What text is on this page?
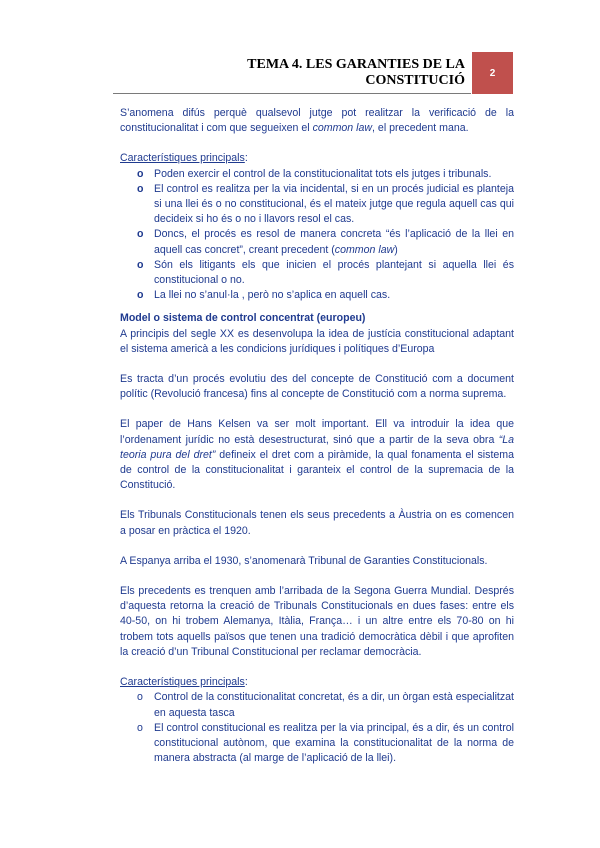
TEMA 4. LES GARANTIES DE LA
CONSTITUCIÓ 2

S’anomena difús perquè qualsevol jutge pot realitzar la verificació de la constitucionalitat i com que segueixen el common law, el precedent mana.

Característiques principals:

o Poden exercir el control de la constitucionalitat tots els jutges i tribunals.
o El control es realitza per la via incidental, si en un procés judicial es planteja si una llei és o no constitucional, és el mateix jutge que regula aquell cas qui decideix si ho és o no i llavors resol el cas.
o Doncs, el procés es resol de manera concreta “és l’aplicació de la llei en aquell cas concret”, creant precedent (common law)
o Són els litigants els que inicien el procés plantejant si aquella llei és constitucional o no.
o La llei no s’anul·la , però no s’aplica en aquell cas.

Model o sistema de control concentrat (europeu)

A principis del segle XX es desenvolupa la idea de justícia constitucional adaptant el sistema americà a les condicions jurídiques i polítiques d’Europa

Es tracta d’un procés evolutiu des del concepte de Constitució com a document polític (Revolució francesa) fins al concepte de Constitució com a norma suprema.

El paper de Hans Kelsen va ser molt important. Ell va introduir la idea que l’ordenament jurídic no està desestructurat, sinó que a partir de la seva obra “La teoria pura del dret” defineix el dret com a piràmide, la qual fonamenta el sistema de control de la constitucionalitat i garanteix el control de la supremacia de la Constitució.

Els Tribunals Constitucionals tenen els seus precedents a Àustria on es comencen a posar en pràctica el 1920.

A Espanya arriba el 1930, s’anomenarà Tribunal de Garanties Constitucionals.

Els precedents es trenquen amb l’arribada de la Segona Guerra Mundial. Després d’aquesta retorna la creació de Tribunals Constitucionals en dues fases: entre els 40-50, on hi trobem Alemanya, Itàlia, França… i un altre entre els 70-80 on hi trobem tots aquells països que tenen una tradició democràtica dèbil i que aprofiten la creació d’un Tribunal Constitucional per reclamar democràcia.

Característiques principals:

o Control de la constitucionalitat concretat, és a dir, un òrgan està especialitzat en aquesta tasca
o El control constitucional es realitza per la via principal, és a dir, és un control constitucional autònom, que examina la constitucionalitat de la norma de manera abstracta (al marge de l’aplicació de la llei).
